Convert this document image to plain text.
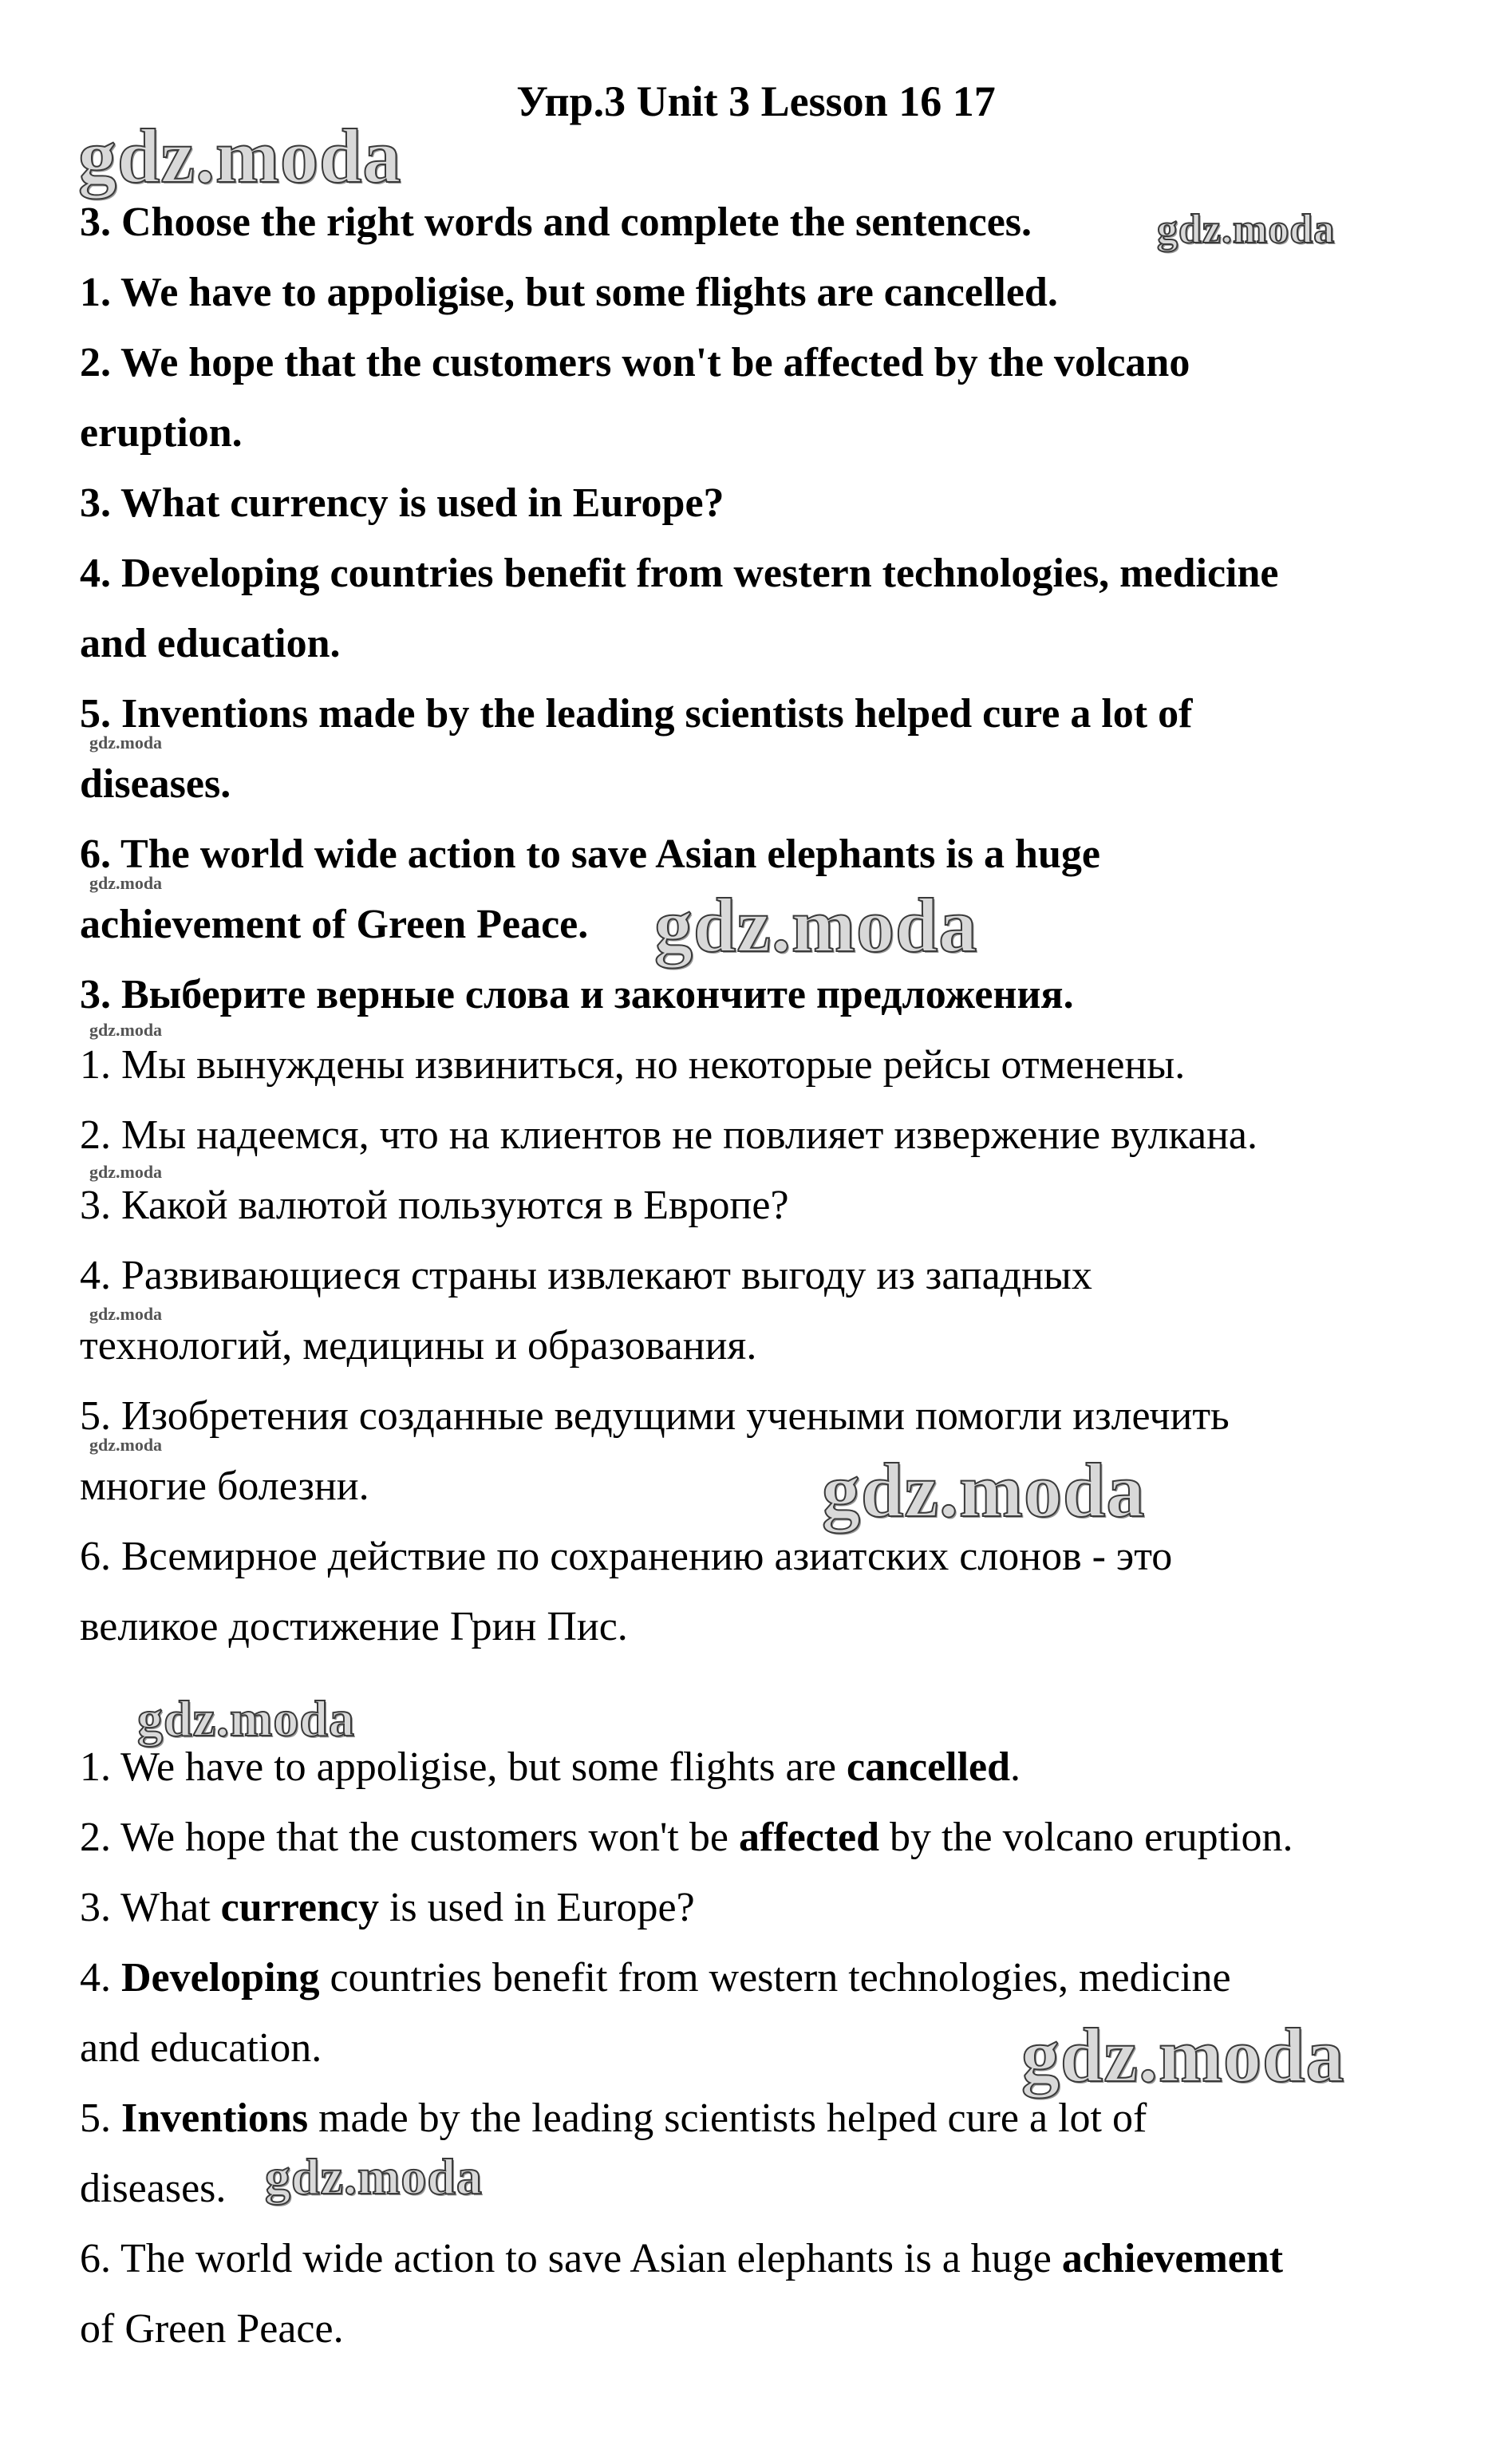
Упр.3 Unit 3 Lesson 16 17
3. Choose the right words and complete the sentences.
1. We have to appoligise, but some flights are cancelled.
2. We hope that the customers won't be affected by the volcano
eruption.
3. What currency is used in Europe?
4. Developing countries benefit from western technologies, medicine
and education.
5. Inventions made by the leading scientists helped cure a lot of
diseases.
6. The world wide action to save Asian elephants is a huge
achievement of Green Peace.
3. Выберите верные слова и закончите предложения.
1. Мы вынуждены извиниться, но некоторые рейсы отменены.
2. Мы надеемся, что на клиентов не повлияет извержение вулкана.
3. Какой валютой пользуются в Европе?
4. Развивающиеся страны извлекают выгоду из западных
технологий, медицины и образования.
5. Изобретения созданные ведущими учеными помогли излечить
многие болезни.
6. Всемирное действие по сохранению азиатских слонов - это
великое достижение Грин Пис.
1. We have to appoligise, but some flights are cancelled.
2. We hope that the customers won't be affected by the volcano eruption.
3. What currency is used in Europe?
4. Developing countries benefit from western technologies, medicine
and education.
5. Inventions made by the leading scientists helped cure a lot of
diseases.
6. The world wide action to save Asian elephants is a huge achievement
of Green Peace.
gdz.moda
gdz.moda
gdz.moda
gdz.moda	gdz.moda
gdz.moda
gdz.moda
gdz.moda
gdz.moda
gdz.moda
gdz.moda
gdz.moda
gdz.moda
